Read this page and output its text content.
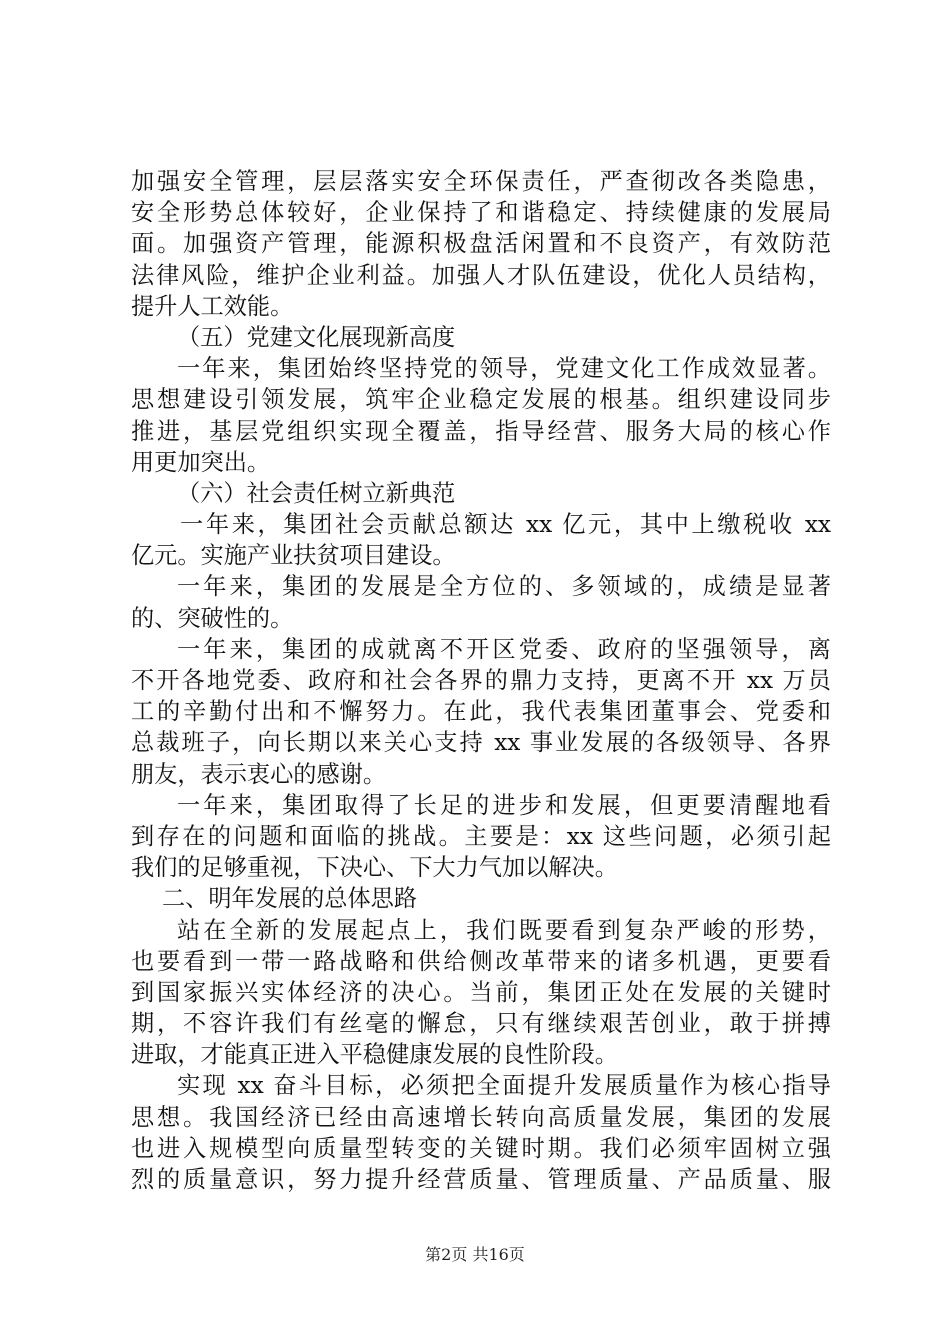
加强安全管理，层层落实安全环保责任，严查彻改各类隐患，
安全形势总体较好，企业保持了和谐稳定、持续健康的发展局
面。加强资产管理，能源积极盘活闲置和不良资产，有效防范
法律风险，维护企业利益。加强人才队伍建设，优化人员结构，
提升人工效能。
（五）党建文化展现新高度
一年来，集团始终坚持党的领导，党建文化工作成效显著。
思想建设引领发展，筑牢企业稳定发展的根基。组织建设同步
推进，基层党组织实现全覆盖，指导经营、服务大局的核心作
用更加突出。
（六）社会责任树立新典范
一年来，集团社会贡献总额达 xx 亿元，其中上缴税收 xx
亿元。实施产业扶贫项目建设。
一年来，集团的发展是全方位的、多领域的，成绩是显著
的、突破性的。
一年来，集团的成就离不开区党委、政府的坚强领导，离
不开各地党委、政府和社会各界的鼎力支持，更离不开 xx 万员
工的辛勤付出和不懈努力。在此，我代表集团董事会、党委和
总裁班子，向长期以来关心支持 xx 事业发展的各级领导、各界
朋友，表示衷心的感谢。
一年来，集团取得了长足的进步和发展，但更要清醒地看
到存在的问题和面临的挑战。主要是：xx 这些问题，必须引起
我们的足够重视，下决心、下大力气加以解决。
二、明年发展的总体思路
站在全新的发展起点上，我们既要看到复杂严峻的形势，
也要看到一带一路战略和供给侧改革带来的诸多机遇，更要看
到国家振兴实体经济的决心。当前，集团正处在发展的关键时
期，不容许我们有丝毫的懈怠，只有继续艰苦创业，敢于拼搏
进取，才能真正进入平稳健康发展的良性阶段。
实现 xx 奋斗目标，必须把全面提升发展质量作为核心指导
思想。我国经济已经由高速增长转向高质量发展，集团的发展
也进入规模型向质量型转变的关键时期。我们必须牢固树立强
烈的质量意识，努力提升经营质量、管理质量、产品质量、服
第2页 共16页
